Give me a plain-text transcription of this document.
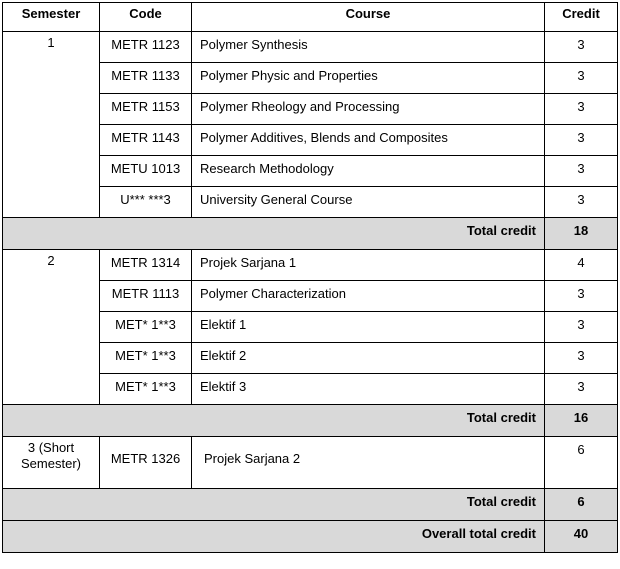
Semester	Code	Course	Credit
1	METR 1123	Polymer Synthesis	3
	METR 1133	Polymer Physic and Properties	3
	METR 1153	Polymer Rheology and Processing	3
	METR 1143	Polymer Additives, Blends and Composites	3
	METU 1013	Research Methodology	3
	U*** ***3	University General Course	3
Total credit			18
2	METR 1314	Projek Sarjana 1	4
	METR 1113	Polymer Characterization	3
	MET* 1**3	Elektif 1	3
	MET* 1**3	Elektif 2	3
	MET* 1**3	Elektif 3	3
Total credit			16
3 (Short
Semester)	METR 1326	Projek Sarjana 2	6
Total credit			6
Overall total credit			40
